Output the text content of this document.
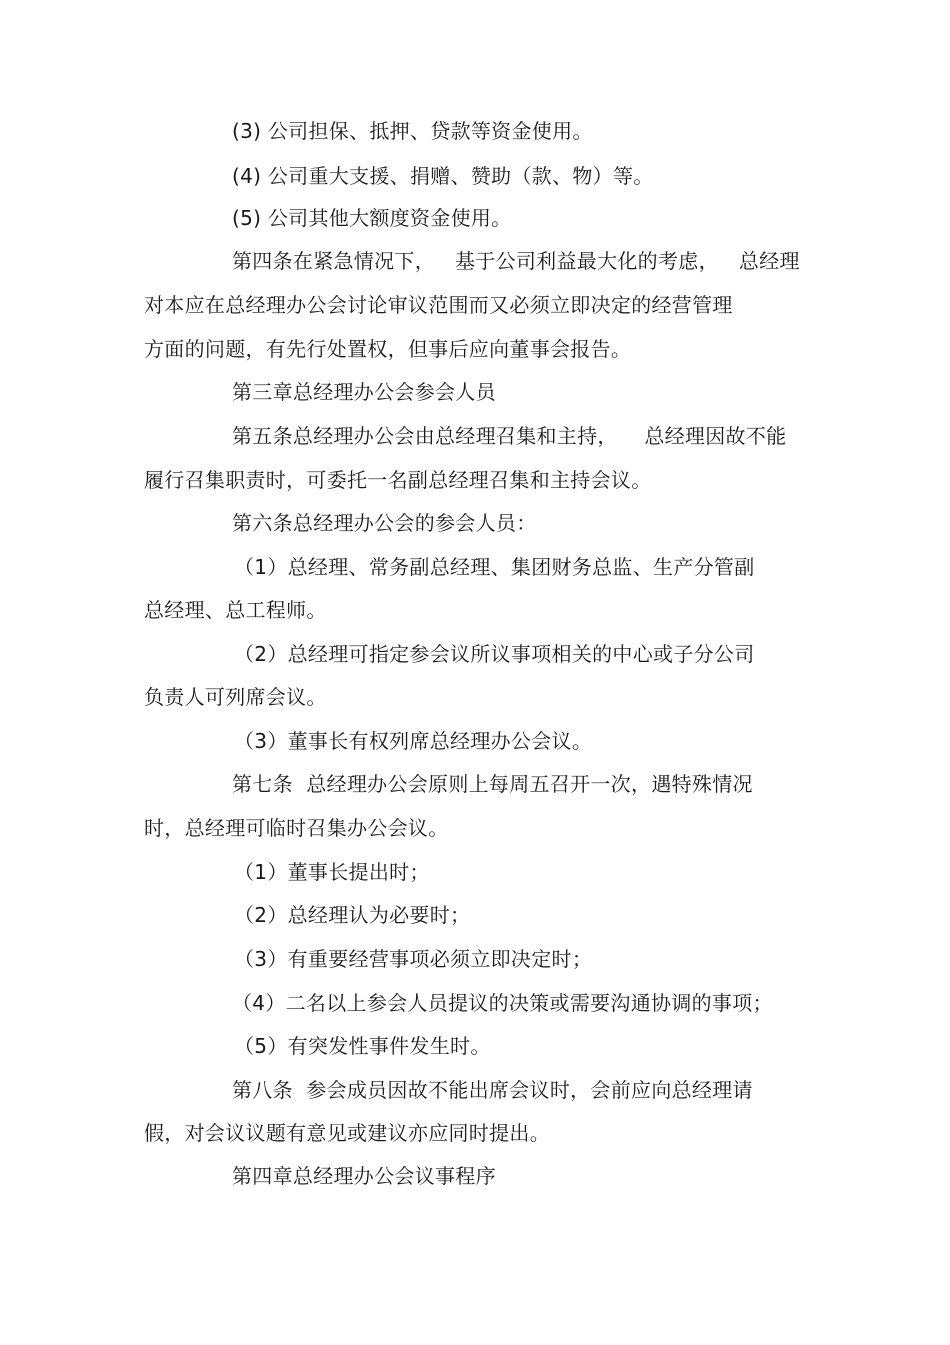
(3) 公司担保、抵押、贷款等资金使用。
(4) 公司重大支援、捐赠、赞助（款、物）等。
(5) 公司其他大额度资金使用。
第四条在紧急情况下，   基于公司利益最大化的考虑，   总经理
对本应在总经理办公会讨论审议范围而又必须立即决定的经营管理
方面的问题，有先行处置权，但事后应向董事会报告。
第三章总经理办公会参会人员
第五条总经理办公会由总经理召集和主持，    总经理因故不能
履行召集职责时，可委托一名副总经理召集和主持会议。
第六条总经理办公会的参会人员：
（1）总经理、常务副总经理、集团财务总监、生产分管副
总经理、总工程师。
（2）总经理可指定参会议所议事项相关的中心或子分公司
负责人可列席会议。
（3）董事长有权列席总经理办公会议。
第七条  总经理办公会原则上每周五召开一次，遇特殊情况
时，总经理可临时召集办公会议。
（1）董事长提出时；
（2）总经理认为必要时；
（3）有重要经营事项必须立即决定时；
（4）二名以上参会人员提议的决策或需要沟通协调的事项；
（5）有突发性事件发生时。
第八条  参会成员因故不能出席会议时，会前应向总经理请
假，对会议议题有意见或建议亦应同时提出。
第四章总经理办公会议事程序
